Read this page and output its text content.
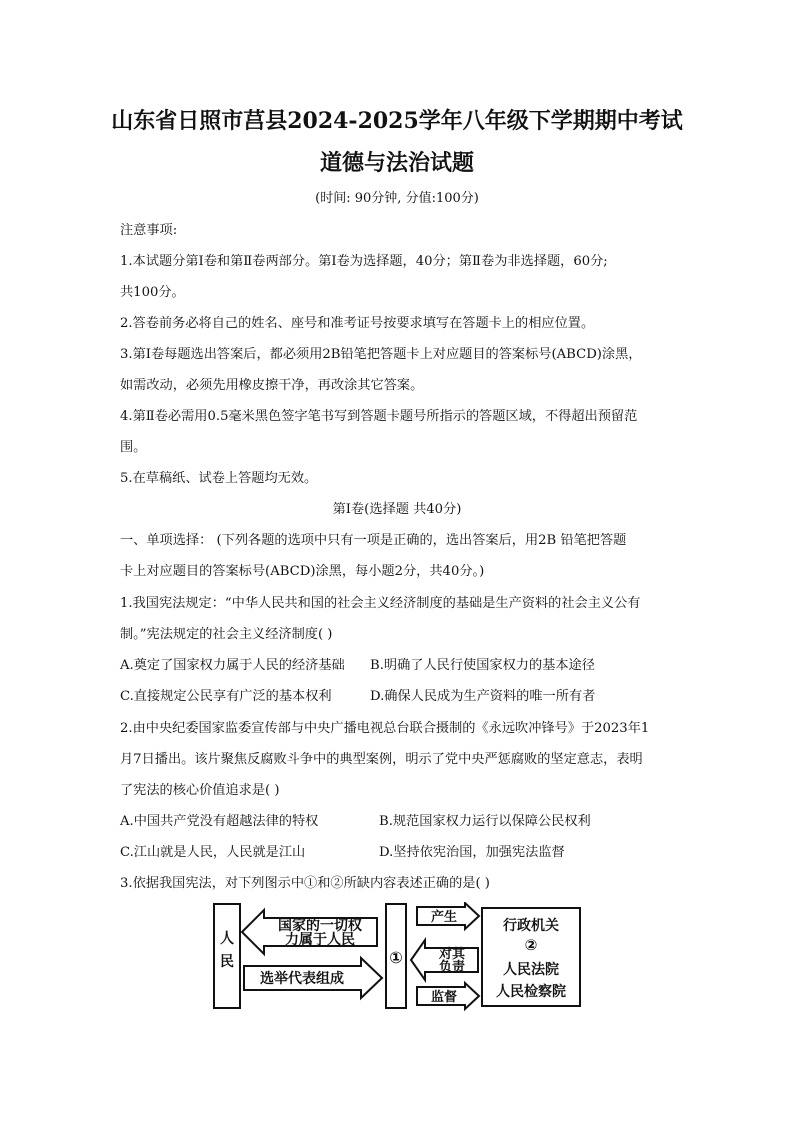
山东省日照市莒县2024-2025学年八年级下学期期中考试
道德与法治试题
(时间: 90分钟, 分值:100分)
注意事项:
1.本试题分第Ⅰ卷和第Ⅱ卷两部分。第Ⅰ卷为选择题，40分；第Ⅱ卷为非选择题，60分;
共100分。
2.答卷前务必将自己的姓名、座号和准考证号按要求填写在答题卡上的相应位置。
3.第Ⅰ卷每题选出答案后，都必须用2B铅笔把答题卡上对应题目的答案标号(ABCD)涂黑，
如需改动，必须先用橡皮擦干净，再改涂其它答案。
4.第Ⅱ卷必需用0.5毫米黑色签字笔书写到答题卡题号所指示的答题区域，不得超出预留范
围。
5.在草稿纸、试卷上答题均无效。
第Ⅰ卷(选择题 共40分)
一、单项选择： (下列各题的选项中只有一项是正确的，选出答案后，用2B 铅笔把答题
卡上对应题目的答案标号(ABCD)涂黑，每小题2分，共40分。)
1.我国宪法规定：“中华人民共和国的社会主义经济制度的基础是生产资料的社会主义公有
制。”宪法规定的社会主义经济制度( )
A.奠定了国家权力属于人民的经济基础 B.明确了人民行使国家权力的基本途径
C.直接规定公民享有广泛的基本权利	D.确保人民成为生产资料的唯一所有者
2.由中央纪委国家监委宣传部与中央广播电视总台联合摄制的《永远吹冲锋号》于2023年1
月7日播出。该片聚焦反腐败斗争中的典型案例，明示了党中央严惩腐败的坚定意志，表明
了宪法的核心价值追求是( )
A.中国共产党没有超越法律的特权	B.规范国家权力运行以保障公民权利
C.江山就是人民，人民就是江山	D.坚持依宪治国，加强宪法监督
3.依据我国宪法，对下列图示中①和②所缺内容表述正确的是( )
人
民
国家的一切权
力属于人民
选举代表组成
①
产生
对其
负责
监督
行政机关
②
人民法院
人民检察院
